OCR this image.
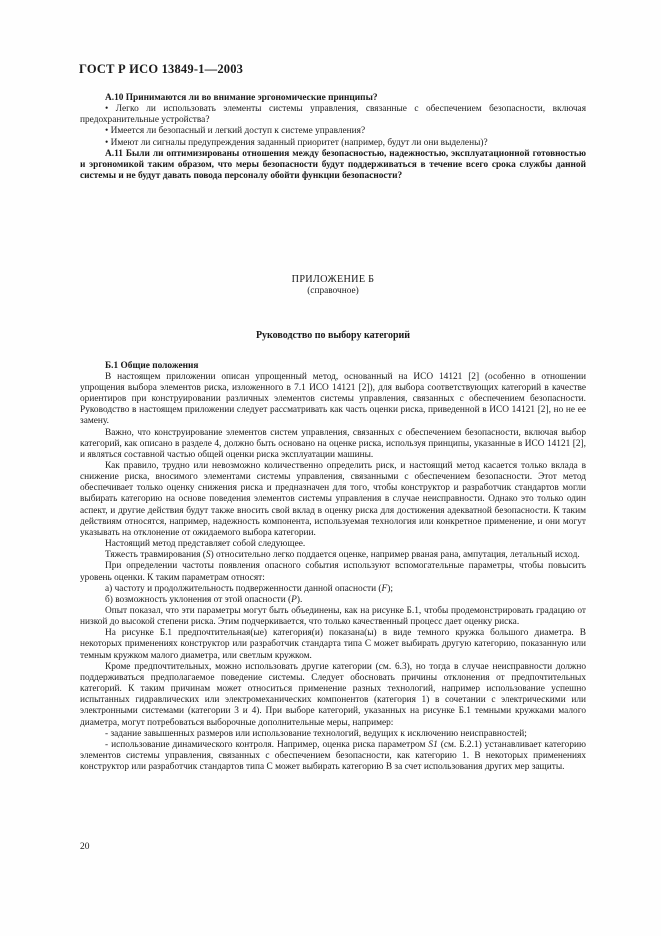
ГОСТ Р ИСО 13849-1—2003

А.10 Принимаются ли во внимание эргономические принципы?

• Легко ли использовать элементы системы управления, связанные с обеспечением безопасности, включая предохранительные устройства?

• Имеется ли безопасный и легкий доступ к системе управления?

• Имеют ли сигналы предупреждения заданный приоритет (например, будут ли они выделены)?

А.11 Были ли оптимизированы отношения между безопасностью, надежностью, эксплуатационной готовностью и эргономикой таким образом, что меры безопасности будут поддерживаться в течение всего срока службы данной системы и не будут давать повода персоналу обойти функции безопасности?

ПРИЛОЖЕНИЕ Б

(справочное)

Руководство по выбору категорий

Б.1 Общие положения

В настоящем приложении описан упрощенный метод, основанный на ИСО 14121 [2] (особенно в отношении упрощения выбора элементов риска, изложенного в 7.1 ИСО 14121 [2]), для выбора соответствующих категорий в качестве ориентиров при конструировании различных элементов системы управления, связанных с обеспечением безопасности. Руководство в настоящем приложении следует рассматривать как часть оценки риска, приведенной в ИСО 14121 [2], но не ее замену.

Важно, что конструирование элементов систем управления, связанных с обеспечением безопасности, включая выбор категорий, как описано в разделе 4, должно быть основано на оценке риска, используя принципы, указанные в ИСО 14121 [2], и являться составной частью общей оценки риска эксплуатации машины.

Как правило, трудно или невозможно количественно определить риск, и настоящий метод касается только вклада в снижение риска, вносимого элементами системы управления, связанными с обеспечением безопасности. Этот метод обеспечивает только оценку снижения риска и предназначен для того, чтобы конструктор и разработчик стандартов могли выбирать категорию на основе поведения элементов системы управления в случае неисправности. Однако это только один аспект, и другие действия будут также вносить свой вклад в оценку риска для достижения адекватной безопасности. К таким действиям относятся, например, надежность компонента, используемая технология или конкретное применение, и они могут указывать на отклонение от ожидаемого выбора категории.

Настоящий метод представляет собой следующее.

Тяжесть травмирования (S) относительно легко поддается оценке, например рваная рана, ампутация, летальный исход.

При определении частоты появления опасного события используют вспомогательные параметры, чтобы повысить уровень оценки. К таким параметрам относят:

а) частоту и продолжительность подверженности данной опасности (F);

б) возможность уклонения от этой опасности (Р).

Опыт показал, что эти параметры могут быть объединены, как на рисунке Б.1, чтобы продемонстрировать градацию от низкой до высокой степени риска. Этим подчеркивается, что только качественный процесс дает оценку риска.

На рисунке Б.1 предпочтительная(ые) категория(и) показана(ы) в виде темного кружка большого диаметра. В некоторых применениях конструктор или разработчик стандарта типа С может выбирать другую категорию, показанную или темным кружком малого диаметра, или светлым кружком.

Кроме предпочтительных, можно использовать другие категории (см. 6.3), но тогда в случае неисправности должно поддерживаться предполагаемое поведение системы. Следует обосновать причины отклонения от предпочтительных категорий. К таким причинам может относиться применение разных технологий, например использование успешно испытанных гидравлических или электромеханических компонентов (категория 1) в сочетании с электрическими или электронными системами (категории 3 и 4). При выборе категорий, указанных на рисунке Б.1 темными кружками малого диаметра, могут потребоваться выборочные дополнительные меры, например:

- задание завышенных размеров или использование технологий, ведущих к исключению неисправностей;

- использование динамического контроля. Например, оценка риска параметром S1 (см. Б.2.1) устанавливает категорию элементов системы управления, связанных с обеспечением безопасности, как категорию 1. В некоторых применениях конструктор или разработчик стандартов типа С может выбирать категорию В за счет использования других мер защиты.

20
